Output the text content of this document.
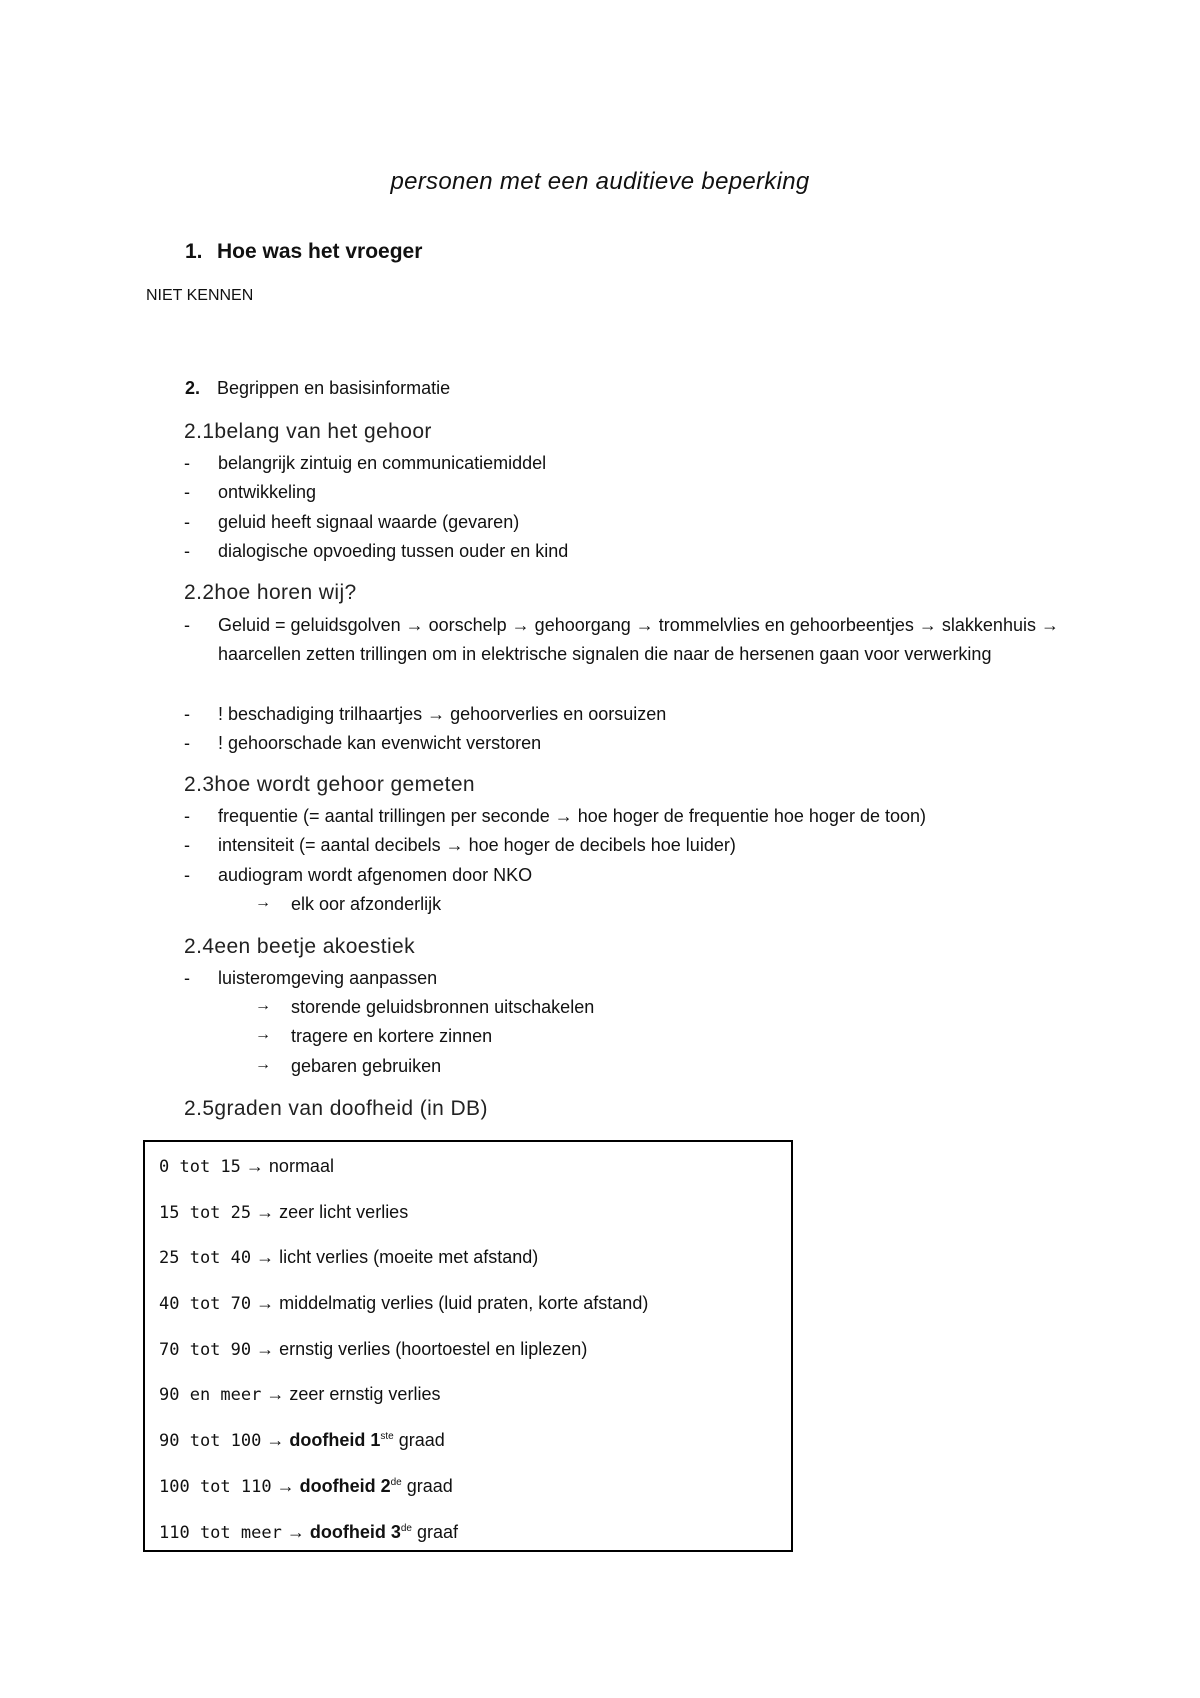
personen met een auditieve beperking
1. Hoe was het vroeger
NIET KENNEN
2. Begrippen en basisinformatie
2.1belang van het gehoor
- belangrijk zintuig en communicatiemiddel
- ontwikkeling
- geluid heeft signaal waarde (gevaren)
- dialogische opvoeding tussen ouder en kind
2.2hoe horen wij?
- Geluid = geluidsgolven → oorschelp → gehoorgang → trommelvlies en gehoorbeentjes → slakkenhuis → haarcellen zetten trillingen om in elektrische signalen die naar de hersenen gaan voor verwerking
- ! beschadiging trilhaartjes → gehoorverlies en oorsuizen
- ! gehoorschade kan evenwicht verstoren
2.3hoe wordt gehoor gemeten
- frequentie (= aantal trillingen per seconde → hoe hoger de frequentie hoe hoger de toon)
- intensiteit (= aantal decibels → hoe hoger de decibels hoe luider)
- audiogram wordt afgenomen door NKO
→ elk oor afzonderlijk
2.4een beetje akoestiek
- luisteromgeving aanpassen
→ storende geluidsbronnen uitschakelen
→ tragere en kortere zinnen
→ gebaren gebruiken
2.5graden van doofheid (in DB)
0 tot 15 → normaal
15 tot 25 → zeer licht verlies
25 tot 40 → licht verlies (moeite met afstand)
40 tot 70 → middelmatig verlies (luid praten, korte afstand)
70 tot 90 → ernstig verlies (hoortoestel en liplezen)
90 en meer → zeer ernstig verlies
90 tot 100 → doofheid 1ste graad
100 tot 110 → doofheid 2de graad
110 tot meer → doofheid 3de graaf
